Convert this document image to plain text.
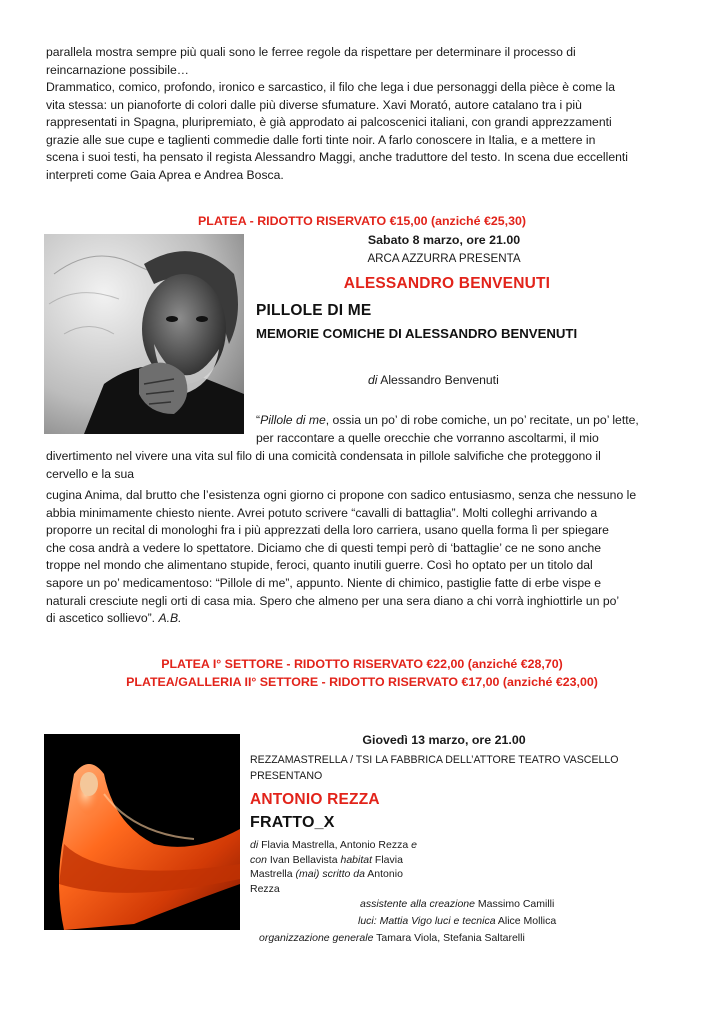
parallela mostra sempre più quali sono le ferree regole da rispettare per determinare il processo di
reincarnazione possibile…
Drammatico, comico, profondo, ironico e sarcastico, il filo che lega i due personaggi della pièce è come la
vita stessa: un pianoforte di colori dalle più diverse sfumature. Xavi Morató, autore catalano tra i più
rappresentati in Spagna, pluripremiato, è già approdato ai palcoscenici italiani, con grandi apprezzamenti
grazie alle sue cupe e taglienti commedie dalle forti tinte noir. A farlo conoscere in Italia, e a mettere in
scena i suoi testi, ha pensato il regista Alessandro Maggi, anche traduttore del testo. In scena due eccellenti
interpreti come Gaia Aprea e Andrea Bosca.
PLATEA - RIDOTTO RISERVATO €15,00 (anziché €25,30)
Sabato 8 marzo, ore 21.00
ARCA AZZURRA PRESENTA
ALESSANDRO BENVENUTI
PILLOLE DI ME
MEMORIE COMICHE DI ALESSANDRO BENVENUTI
di Alessandro Benvenuti
“Pillole di me, ossia un po’ di robe comiche, un po’ recitate, un po’ lette,
per raccontare a quelle orecchie che vorranno ascoltarmi, il mio
divertimento nel vivere una vita sul filo di una comicità condensata in pillole salvifiche che proteggono il
cervello e la sua
cugina Anima, dal brutto che l’esistenza ogni giorno ci propone con sadico entusiasmo, senza che nessuno le
abbia minimamente chiesto niente. Avrei potuto scrivere “cavalli di battaglia”. Molti colleghi arrivando a
proporre un recital di monologhi fra i più apprezzati della loro carriera, usano quella forma lì per spiegare
che cosa andrà a vedere lo spettatore. Diciamo che di questi tempi però di ‘battaglie’ ce ne sono anche
troppe nel mondo che alimentano stupide, feroci, quanto inutili guerre. Così ho optato per un titolo dal
sapore un po’ medicamentoso: “Pillole di me”, appunto. Niente di chimico, pastiglie fatte di erbe vispe e
naturali cresciute negli orti di casa mia. Spero che almeno per una sera diano a chi vorrà inghiottirle un po’
di ascetico sollievo”. A.B.
PLATEA I° SETTORE - RIDOTTO RISERVATO €22,00 (anziché €28,70)
PLATEA/GALLERIA II° SETTORE - RIDOTTO RISERVATO €17,00 (anziché €23,00)
Giovedì 13 marzo, ore 21.00
REZZAMASTRELLA / TSI LA FABBRICA DELL’ATTORE TEATRO VASCELLO
PRESENTANO
ANTONIO REZZA
FRATTO_X
di Flavia Mastrella, Antonio Rezza e
con Ivan Bellavista habitat Flavia
Mastrella (mai) scritto da Antonio
Rezza
assistente alla creazione Massimo Camilli
luci: Mattia Vigo luci e tecnica Alice Mollica
organizzazione generale Tamara Viola, Stefania Saltarelli
